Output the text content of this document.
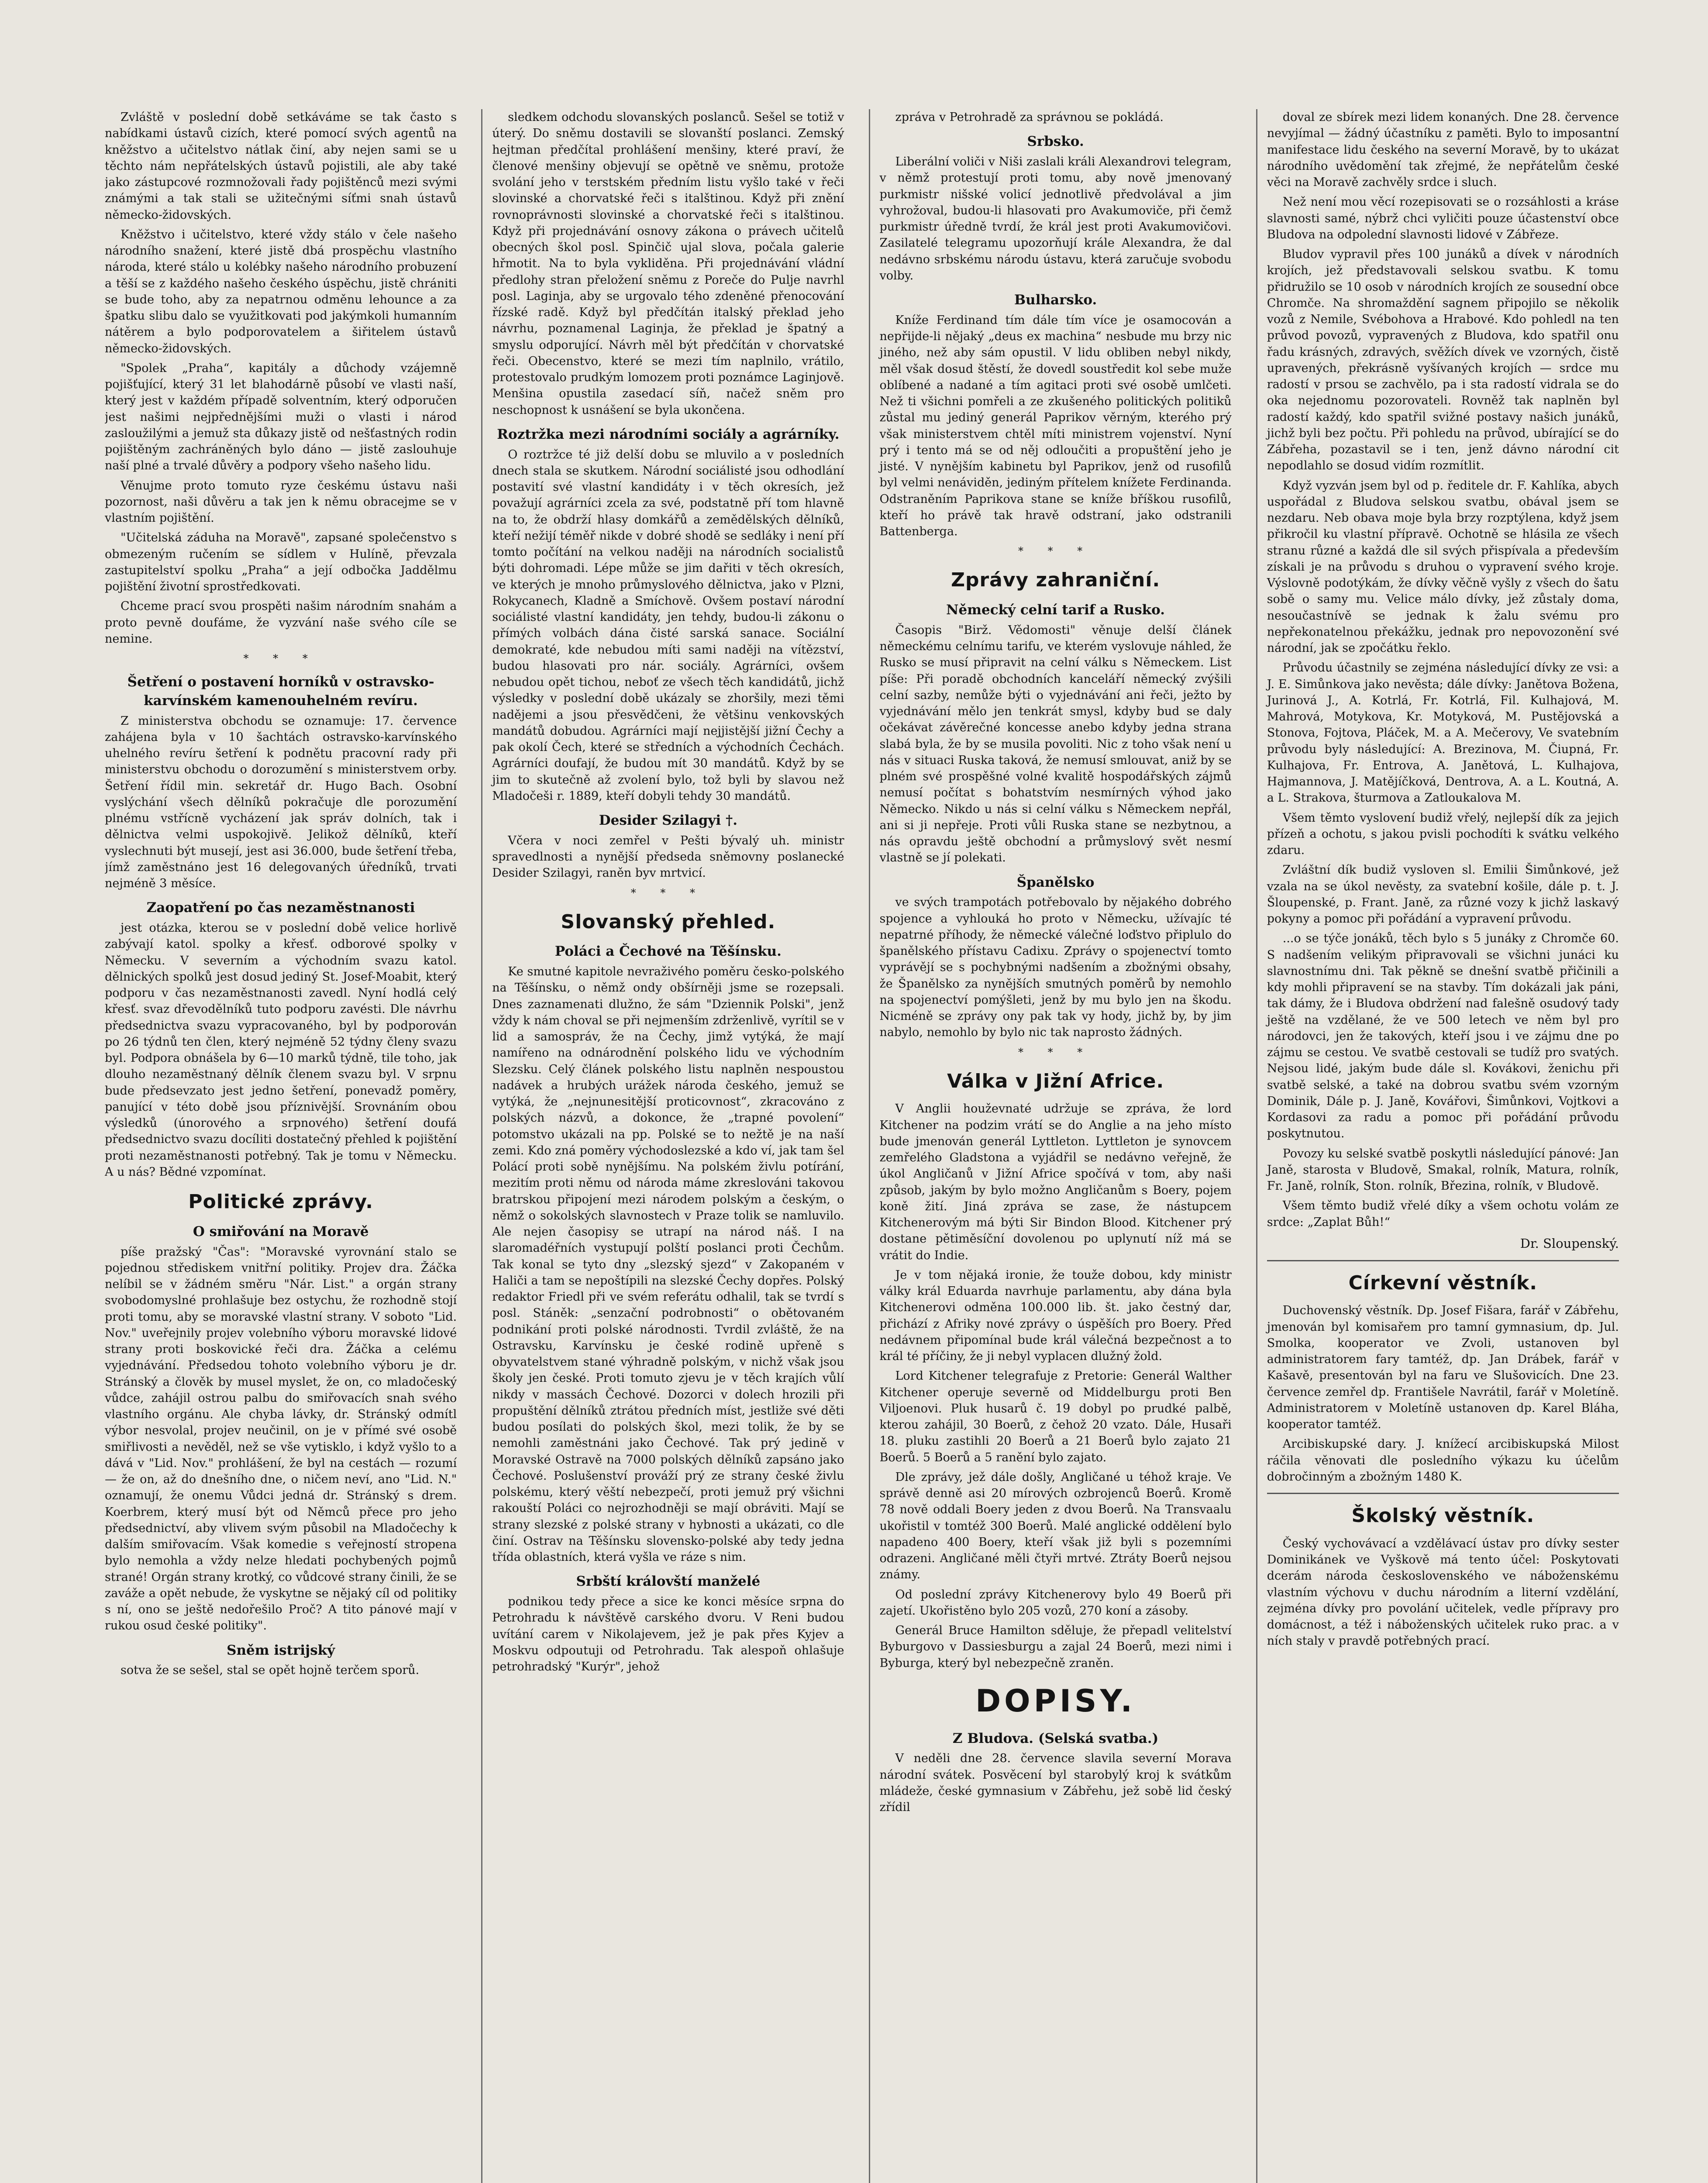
Zvláště v poslední době setkáváme se tak často s nabídkami ústavů cizích, které pomocí svých agentů na kněžstvo a učitelstvo nátlak činí, aby nejen sami se u těchto nám nepřátelských ústavů pojistili, ale aby také jako zástupcové rozmnožovali řady pojištěnců mezi svými známými a tak stali se užitečnými síťmi snah ústavů německo-židovských.

Kněžstvo i učitelstvo, které vždy stálo v čele našeho národního snažení, které jistě dbá prospěchu vlastního národa, které stálo u kolébky našeho národního probuzení a těší se z každého našeho českého úspěchu, jistě chrániti se bude toho, aby za nepatrnou odměnu lehounce a za špatku slibu dalo se využitkovati pod jakýmkoli humanním nátěrem a bylo podporovatelem a šiřitelem ústavů německo-židovských.

"Spolek „Praha“, kapitály a důchody vzájemně pojišťující, který 31 let blahodárně působí ve vlasti naší, který jest v každém případě solventním, který odporučen jest našimi nejpřednějšími muži o vlasti i národ zasloužilými a jemuž sta důkazy jistě od nešťastných rodin pojištěným zachráněných bylo dáno — jistě zaslouhuje naší plné a trvalé důvěry a podpory všeho našeho lidu.

Věnujme proto tomuto ryze českému ústavu naši pozornost, naši důvěru a tak jen k němu obracejme se v vlastním pojištění.

"Učitelská záduha na Moravě", zapsané společenstvo s obmezeným ručením se sídlem v Hulíně, převzala zastupitelství spolku „Praha“ a její odbočka Jaddělmu pojištění životní sprostředkovati.

Chceme prací svou prospěti našim národním snahám a proto pevně doufáme, že vyzvání naše svého cíle se nemine.

* * *
Šetření o postavení horníků v ostravsko-karvínském kamenouhelném revíru.

Z ministerstva obchodu se oznamuje: 17. července zahájena byla v 10 šachtách ostravsko-karvínského uhelného revíru šetření k podnětu pracovní rady při ministerstvu obchodu o dorozumění s ministerstvem orby. Šetření řídil min. sekretář dr. Hugo Bach. Osobní vyslýchání všech dělníků pokračuje dle porozumění plnému vstřícně vycházení jak správ dolních, tak i dělnictva velmi uspokojivě. Jelikož dělníků, kteří vyslechnuti být musejí, jest asi 36.000, bude šetření třeba, jímž zaměstnáno jest 16 delegovaných úředníků, trvati nejméně 3 měsíce.

Zaopatření po čas nezaměstnanosti

jest otázka, kterou se v poslední době velice horlivě zabývají katol. spolky a křesť. odborové spolky v Německu. V severním a východním svazu katol. dělnických spolků jest dosud jediný St. Josef-Moabit, který podporu v čas nezaměstnanosti zavedl. Nyní hodlá celý křesť. svaz dřevodělníků tuto podporu zavésti. Dle návrhu předsednictva svazu vypracovaného, byl by podporován po 26 týdnů ten člen, který nejméně 52 týdny členy svazu byl. Podpora obnášela by 6—10 marků týdně, tile toho, jak dlouho nezaměstnaný dělník členem svazu byl. V srpnu bude předsevzato jest jedno šetření, ponevadž poměry, panující v této době jsou příznivější. Srovnáním obou výsledků (únorového a srpnového) šetření doufá předsednictvo svazu docíliti dostatečný přehled k pojištění proti nezaměstnanosti potřebný. Tak je tomu v Německu. A u nás? Bědné vzpomínat.

Politické zprávy.
O smiřování na Moravě

píše pražský "Čas": "Moravské vyrovnání stalo se pojednou střediskem vnitřní politiky. Projev dra. Žáčka nelíbil se v žádném směru "Nár. List." a orgán strany svobodomyslné prohlašuje bez ostychu, že rozhodně stojí proti tomu, aby se moravské vlastní strany. V soboto "Lid. Nov." uveřejnily projev volebního výboru moravské lidové strany proti boskovické řeči dra. Žáčka a celému vyjednávání. Předsedou tohoto volebního výboru je dr. Stránský a člověk by musel myslet, že on, co mladočeský vůdce, zahájil ostrou palbu do smiřovacích snah svého vlastního orgánu. Ale chyba lávky, dr. Stránský odmítl výbor nesvolal, projev neučinil, on je v přímé své osobě smiřlivosti a nevěděl, než se vše vytisklo, i když vyšlo to a dává v "Lid. Nov." prohlášení, že byl na cestách — rozumí — že on, až do dnešního dne, o ničem neví, ano "Lid. N." oznamují, že onemu Vůdci jedná dr. Stránský s drem. Koerbrem, který musí být od Němců přece pro jeho předsednictví, aby vlivem svým působil na Mladočechy k dalším smiřovacím. Však komedie s veřejností stropena bylo nemohla a vždy nelze hledati pochybených pojmů strané! Orgán strany krotký, co vůdcové strany činili, že se zaváže a opět nebude, že vyskytne se nějaký cíl od politiky s ní, ono se ještě nedořešilo Proč? A tito pánové mají v rukou osud české politiky".

Sněm istrijský

sotva že se sešel, stal se opět hojně terčem sporů.

sledkem odchodu slovanských poslanců. Sešel se totiž v úterý. Do sněmu dostavili se slovanští poslanci. Zemský hejtman předčítal prohlášení menšiny, které praví, že členové menšiny objevují se opětně ve sněmu, protože svolání jeho v terstském předním listu vyšlo také v řeči slovinské a chorvatské řeči s italštinou. Když při znění rovnoprávnosti slovinské a chorvatské řeči s italštinou. Když při projednávání osnovy zákona o právech učitelů obecných škol posl. Spinčič ujal slova, počala galerie hřmotit. Na to byla vykliděna. Při projednávání vládní předlohy stran přeložení sněmu z Poreče do Pulje navrhl posl. Laginja, aby se urgovalo tého zdeněné přenocování řízské radě. Když byl předčítán italský překlad jeho návrhu, poznamenal Laginja, že překlad je špatný a smyslu odporující. Návrh měl být předčítán v chorvatské řeči. Obecenstvo, které se mezi tím naplnilo, vrátilo, protestovalo prudkým lomozem proti poznámce Laginjově. Menšina opustila zasedací síň, načež sněm pro neschopnost k usnášení se byla ukončena.

Roztržka mezi národními sociály a agrárníky.

O roztržce té již delší dobu se mluvilo a v posledních dnech stala se skutkem. Národní sociálisté jsou odhodlání postavití své vlastní kandidáty i v těch okresích, jež považují agrárníci zcela za své, podstatně pří tom hlavně na to, že obdrží hlasy domkářů a zemědělských dělníků, kteří nežijí téměř nikde v dobré shodě se sedláky i není pří tomto počítání na velkou naději na národních socialistů býti dohromadi. Lépe může se jim dařiti v těch okresích, ve kterých je mnoho průmyslového dělnictva, jako v Plzni, Rokycanech, Kladně a Smíchově. Ovšem postaví národní sociálisté vlastní kandidáty, jen tehdy, budou-li zákonu o přímých volbách dána čisté sarská sanace. Sociální demokraté, kde nebudou míti sami naději na vítězství, budou hlasovati pro nár. sociály. Agrárníci, ovšem nebudou opět tichou, neboť ze všech těch kandidátů, jichž výsledky v poslední době ukázaly se zhoršily, mezi těmi nadějemi a jsou přesvědčeni, že většinu venkovských mandátů dobudou. Agrárníci mají nejjistější jižní Čechy a pak okolí Čech, které se středních a východních Čechách. Agrárníci doufají, že budou mít 30 mandátů. Když by se jim to skutečně až zvolení bylo, tož byli by slavou než Mladočeši r. 1889, kteří dobyli tehdy 30 mandátů.

Desider Szilagyi †.

Včera v noci zemřel v Pešti bývalý uh. ministr spravedlnosti a nynější předseda sněmovny poslanecké Desider Szilagyi, raněn byv mrtvicí.

* * *
Slovanský přehled.
Poláci a Čechové na Těšínsku.

Ke smutné kapitole nevraživého poměru česko-polského na Těšínsku, o němž ondy obšírněji jsme se rozepsali. Dnes zaznamenati dlužno, že sám "Dziennik Polski", jenž vždy k nám choval se při nejmenším zdrženlivě, vyrítil se v lid a samospráv, že na Čechy, jimž vytýká, že mají namířeno na odnárodnění polského lidu ve východním Slezsku. Celý článek polského listu naplněn nespoustou nadávek a hrubých urážek národa českého, jemuž se vytýká, že „nejnunesitější proticovnost“, zkracováno z polských názvů, a dokonce, že „trapné povolení“ potomstvo ukázali na pp. Polské se to nežtě je na naší zemi. Kdo zná poměry východoslezské a kdo ví, jak tam šel Polácí proti sobě nynějšímu. Na polském živlu potírání, mezitím proti němu od národa máme zkreslováni takovou bratrskou připojení mezi národem polským a českým, o němž o sokolských slavnostech v Praze tolik se namluvilo. Ale nejen časopisy se utrapí na národ náš. I na slaromadéřních vystupují polští poslanci proti Čechům. Tak konal se tyto dny „slezský sjezd“ v Zakopaném v Haliči a tam se nepoštípili na slezské Čechy dopřes. Polský redaktor Friedl při ve svém referátu odhalil, tak se tvrdí s posl. Stáněk: „senzační podrobnosti“ o obětovaném podnikání proti polské národnosti. Tvrdil zvláště, že na Ostravsku, Karvínsku je české rodině upřeně s obyvatelstvem stané výhradně polským, v nichž však jsou školy jen české. Proti tomuto zjevu je v těch krajích vůlí nikdy v massách Čechové. Dozorci v dolech hrozili při propuštění dělníků ztrátou předních míst, jestliže své děti budou posílati do polských škol, mezi tolik, že by se nemohli zaměstnáni jako Čechové. Tak prý jedině v Moravské Ostravě na 7000 polských dělníků zapsáno jako Čechové. Poslušenství prováží prý ze strany české živlu polskému, který věští nebezpečí, proti jemuž prý všichni rakouští Poláci co nejrozhodněji se mají obráviti. Mají se strany slezské z polské strany v hybnosti a ukázati, co dle činí. Ostrav na Těšínsku slovensko-polské aby tedy jedna třída oblastních, která vyšla ve ráze s nim.

Srbští královští manželé

podnikou tedy přece a sice ke konci měsíce srpna do Petrohradu k návštěvě carského dvoru. V Reni budou uvítání carem v Nikolajevem, jež je pak přes Kyjev a Moskvu odpoutuji od Petrohradu. Tak alespoň ohlašuje petrohradský "Kurýr", jehož

zpráva v Petrohradě za správnou se pokládá.

Srbsko.

Liberální voliči v Niši zaslali králi Alexandrovi telegram, v němž protestují proti tomu, aby nově jmenovaný purkmistr nišské volicí jednotlivě předvolával a jim vyhrožoval, budou-li hlasovati pro Avakumoviče, při čemž purkmistr úředně tvrdí, že král jest proti Avakumovičovi. Zasilatelé telegramu upozorňují krále Alexandra, že dal nedávno srbskému národu ústavu, která zaručuje svobodu volby.

Bulharsko.

Kníže Ferdinand tím dále tím více je osamocován a nepřijde-li nějaký „deus ex machina“ nesbude mu brzy nic jiného, než aby sám opustil. V lidu obliben nebyl nikdy, měl však dosud štěstí, že dovedl soustředit kol sebe muže oblíbené a nadané a tím agitaci proti své osobě umlčeti. Než ti všichni pomřeli a ze zkušeného politických politiků zůstal mu jediný generál Paprikov věrným, kterého prý však ministerstvem chtěl míti ministrem vojenství. Nyní prý i tento má se od něj odloučiti a propuštění jeho je jisté. V nynějším kabinetu byl Paprikov, jenž od rusofilů byl velmi nenáviděn, jediným přítelem knížete Ferdinanda. Odstraněním Paprikova stane se kníže bříškou rusofilů, kteří ho právě tak hravě odstraní, jako odstranili Battenberga.

* * *
Zprávy zahraniční.
Německý celní tarif a Rusko.

Časopis "Birž. Vědomosti" věnuje delší článek německému celnímu tarifu, ve kterém vyslovuje náhled, že Rusko se musí připravit na celní válku s Německem. List píše: Při poradě obchodních kanceláří německý zvýšili celní sazby, nemůže býti o vyjednávání ani řeči, ježto by vyjednávání mělo jen tenkrát smysl, kdyby bud se daly očekávat závěrečné koncesse anebo kdyby jedna strana slabá byla, že by se musila povoliti. Nic z toho však není u nás v situaci Ruska taková, že nemusí smlouvat, aniž by se plném své prospěšné volné kvalitě hospodářských zájmů nemusí počítat s bohatstvím nesmírných výhod jako Německo. Nikdo u nás si celní válku s Německem nepřál, ani si ji nepřeje. Proti vůli Ruska stane se nezbytnou, a nás opravdu ještě obchodní a průmyslový svět nesmí vlastně se jí polekati.

Španělsko

ve svých trampotách potřebovalo by nějakého dobrého spojence a vyhlouká ho proto v Německu, užívajíc té nepatrné příhody, že německé válečné loďstvo připlulo do španělského přístavu Cadixu. Zprávy o spojenectví tomto vyprávějí se s pochybnými nadšením a zbožnými obsahy, že Španělsko za nynějších smutných poměrů by nemohlo na spojenectví pomýšleti, jenž by mu bylo jen na škodu. Nicméně se zprávy ony pak tak vy hody, jichž by, by jim nabylo, nemohlo by bylo nic tak naprosto žádných.

* * *
Válka v Jižní Africe.

V Anglii houževnaté udržuje se zpráva, že lord Kitchener na podzim vrátí se do Anglie a na jeho místo bude jmenován generál Lyttleton. Lyttleton je synovcem zemřelého Gladstona a vyjádřil se nedávno veřejně, že úkol Angličanů v Jižní Africe spočívá v tom, aby naši způsob, jakým by bylo možno Angličanům s Boery, pojem koně žití. Jiná zpráva se zase, že nástupcem Kitchenerovým má býti Sir Bindon Blood. Kitchener prý dostane pětiměsíční dovolenou po uplynutí níž má se vrátit do Indie.

Je v tom nějaká ironie, že touže dobou, kdy ministr války král Eduarda navrhuje parlamentu, aby dána byla Kitchenerovi odměna 100.000 lib. št. jako čestný dar, přichází z Afriky nové zprávy o úspěších pro Boery. Před nedávnem připomínal bude král válečná bezpečnost a to král té příčiny, že ji nebyl vyplacen dlužný žold.

Lord Kitchener telegrafuje z Pretorie: Generál Walther Kitchener operuje severně od Middelburgu proti Ben Viljoenovi. Pluk husarů č. 19 dobyl po prudké palbě, kterou zahájil, 30 Boerů, z čehož 20 vzato. Dále, Husaři 18. pluku zastihli 20 Boerů a 21 Boerů bylo zajato 21 Boerů. 5 Boerů a 5 ranění bylo zajato.

Dle zprávy, jež dále došly, Angličané u téhož kraje. Ve správě denně asi 20 mírových ozbrojenců Boerů. Kromě 78 nově oddali Boery jeden z dvou Boerů. Na Transvaalu ukořistil v tomtéž 300 Boerů. Malé anglické oddělení bylo napadeno 400 Boery, kteří však již byli s pozemními odrazeni. Angličané měli čtyři mrtvé. Ztráty Boerů nejsou známy.

Od poslední zprávy Kitchenerovy bylo 49 Boerů při zajetí. Ukořistěno bylo 205 vozů, 270 koní a zásoby.

Generál Bruce Hamilton sděluje, že přepadl velitelství Byburgovo v Dassiesburgu a zajal 24 Boerů, mezi nimi i Byburga, který byl nebezpečně zraněn.

DOPISY.
Z Bludova. (Selská svatba.)

V neděli dne 28. července slavila severní Morava národní svátek. Posvěcení byl starobylý kroj k svátkům mládeže, české gymnasium v Zábřehu, jež sobě lid český zřídil

doval ze sbírek mezi lidem konaných. Dne 28. července nevyjímal — žádný účastníku z paměti. Bylo to imposantní manifestace lidu českého na severní Moravě, by to ukázat národního uvědomění tak zřejmé, že nepřátelům české věci na Moravě zachvěly srdce i sluch.

Než není mou věcí rozepisovati se o rozsáhlosti a kráse slavnosti samé, nýbrž chci vyličiti pouze účastenství obce Bludova na odpolední slavnosti lidové v Zábřeze.

Bludov vypravil přes 100 junáků a dívek v národních krojích, jež představovali selskou svatbu. K tomu přidružilo se 10 osob v národních krojích ze sousední obce Chromče. Na shromaždění sagnem připojilo se několik vozů z Nemile, Svébohova a Hrabové. Kdo pohledl na ten průvod povozů, vypravených z Bludova, kdo spatřil onu řadu krásných, zdravých, svěžích dívek ve vzorných, čistě upravených, překrásně vyšívaných krojích — srdce mu radostí v prsou se zachvělo, pa i sta radostí vidrala se do oka nejednomu pozorovateli. Rovněž tak naplněn byl radostí každý, kdo spatřil svižné postavy našich junáků, jichž byli bez počtu. Při pohledu na průvod, ubírající se do Zábřeha, pozastavil se i ten, jenž dávno národní cit nepodlahlo se dosud vidím rozmítlit.

Když vyzván jsem byl od p. ředitele dr. F. Kahlíka, abych uspořádal z Bludova selskou svatbu, obával jsem se nezdaru. Neb obava moje byla brzy rozptýlena, když jsem přikročil ku vlastní přípravě. Ochotně se hlásila ze všech stranu různé a každá dle sil svých přispívala a především získali je na průvodu s druhou o vypravení svého kroje. Výslovně podotýkám, že dívky věčně vyšly z všech do šatu sobě o samy mu. Velice málo dívky, jež zůstaly doma, nesoučastnívě se jednak k žalu svému pro nepřekonatelnou překážku, jednak pro nepovozonění své národní, jak se zpočátku řeklo.

Průvodu účastnily se zejména následující dívky ze vsi: a J. E. Simůnkova jako nevěsta; dále dívky: Janětova Božena, Jurinová J., A. Kotrlá, Fr. Kotrlá, Fil. Kulhajová, M. Mahrová, Motykova, Kr. Motyková, M. Pustějovská a Stonova, Fojtova, Pláček, M. a A. Mečerovy, Ve svatebním průvodu byly následující: A. Brezinova, M. Čiupná, Fr. Kulhajova, Fr. Entrova, A. Janětová, L. Kulhajova, Hajmannova, J. Matějíčková, Dentrova, A. a L. Koutná, A. a L. Strakova, šturmova a Zatloukalova M.

Všem těmto vyslovení budiž vřelý, nejlepší dík za jejich přízeň a ochotu, s jakou pvisli pochodíti k svátku velkého zdaru.

Zvláštní dík budiž vysloven sl. Emilii Šimůnkové, jež vzala na se úkol nevěsty, za svatební košile, dále p. t. J. Šloupenské, p. Frant. Janě, za různé vozy k jichž laskavý pokyny a pomoc při pořádání a vypravení průvodu.

...o se týče jonáků, těch bylo s 5 junáky z Chromče 60. S nadšením velikým připravovali se všichni junáci ku slavnostnímu dni. Tak pěkně se dnešní svatbě přičinili a kdy mohli připravení se na stavby. Tím dokázali jak páni, tak dámy, že i Bludova obdržení nad falešně osudový tady ještě na vzdělané, že ve 500 letech ve něm byl pro národovci, jen že takových, kteří jsou i ve zájmu dne po zájmu se cestou. Ve svatbě cestovali se tudíž pro svatých. Nejsou lidé, jakým bude dále sl. Kovákovi, ženichu při svatbě selské, a také na dobrou svatbu svém vzorným Dominik, Dále p. J. Janě, Kovářovi, Šimůnkovi, Vojtkovi a Kordasovi za radu a pomoc při pořádání průvodu poskytnutou.

Povozy ku selské svatbě poskytli následující pánové: Jan Janě, starosta v Bludově, Smakal, rolník, Matura, rolník, Fr. Janě, rolník, Ston. rolník, Březina, rolník, v Bludově.

Všem těmto budiž vřelé díky a všem ochotu volám ze srdce: „Zaplat Bůh!“

Dr. Sloupenský.
Církevní věstník.

Duchovenský věstník. Dp. Josef Fišara, farář v Zábřehu, jmenován byl komisařem pro tamní gymnasium, dp. Jul. Smolka, kooperator ve Zvoli, ustanoven byl administratorem fary tamtéž, dp. Jan Drábek, farář v Kašavě, presentován byl na faru ve Slušovicích. Dne 23. července zemřel dp. Františele Navrátil, farář v Moletíně. Administratorem v Moletíně ustanoven dp. Karel Bláha, kooperator tamtéž.

Arcibiskupské dary. J. knížecí arcibiskupská Milost ráčila věnovati dle posledního výkazu ku účelům dobročinným a zbožným 1480 K.

Školský věstník.

Český vychovávací a vzdělávací ústav pro dívky sester Dominikánek ve Vyškově má tento účel: Poskytovati dcerám národa československého ve náboženskému vlastním výchovu v duchu národním a literní vzdělání, zejména dívky pro povolání učitelek, vedle přípravy pro domácnost, a též i náboženských učitelek ruko prac. a v ních staly v pravdě potřebných prací.
